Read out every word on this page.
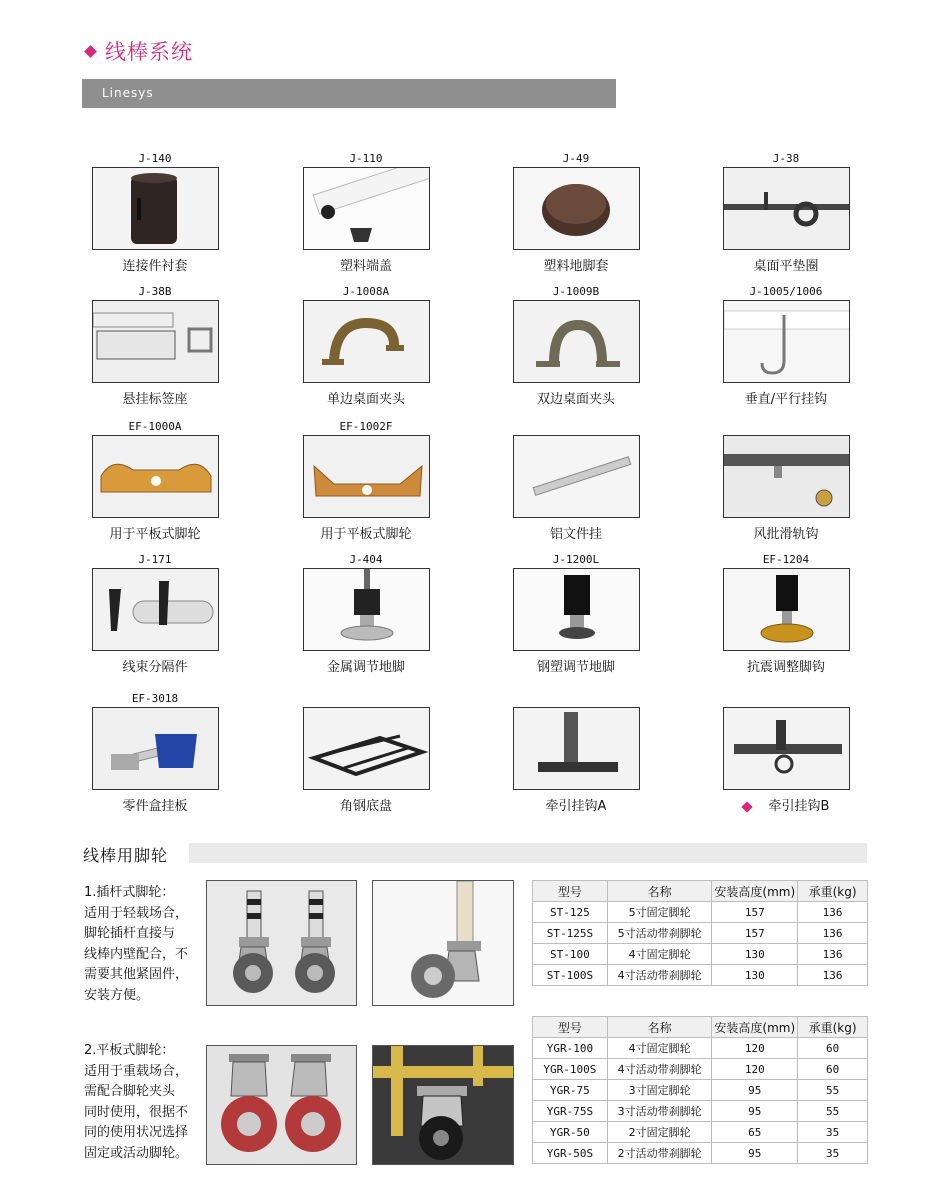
线棒系统
Linesys
J-140
连接件衬套
J-110
塑料端盖
J-49
塑料地脚套
J-38
桌面平垫圈
J-38B
悬挂标签座
J-1008A
单边桌面夹头
J-1009B
双边桌面夹头
J-1005/1006
垂直/平行挂钩
EF-1000A
用于平板式脚轮
EF-1002F
用于平板式脚轮	铝文件挂	风批滑轨钩
J-171
线束分隔件
J-404
金属调节地脚
J-1200L
钢塑调节地脚
EF-1204
抗震调整脚钩
EF-3018
零件盒挂板	角钢底盘	牵引挂钩A	牵引挂钩B
线棒用脚轮
1.插杆式脚轮：
适用于轻载场合，
脚轮插杆直接与
线棒内壁配合，不
需要其他紧固件，
安装方便。
2.平板式脚轮：
适用于重载场合，
需配合脚轮夹头
同时使用，很据不
同的使用状况选择
固定或活动脚轮。
型号	名称	安装高度(mm)	承重(kg)
ST-125	5寸固定脚轮	157	136
ST-125S	5寸活动带刹脚轮	157	136
ST-100	4寸固定脚轮	130	136
ST-100S	4寸活动带刹脚轮	130	136
型号	名称	安装高度(mm)	承重(kg)
YGR-100	4寸固定脚轮	120	60
YGR-100S	4寸活动带刹脚轮	120	60
YGR-75	3寸固定脚轮	95	55
YGR-75S	3寸活动带刹脚轮	95	55
YGR-50	2寸固定脚轮	65	35
YGR-50S	2寸活动带刹脚轮	95	35
